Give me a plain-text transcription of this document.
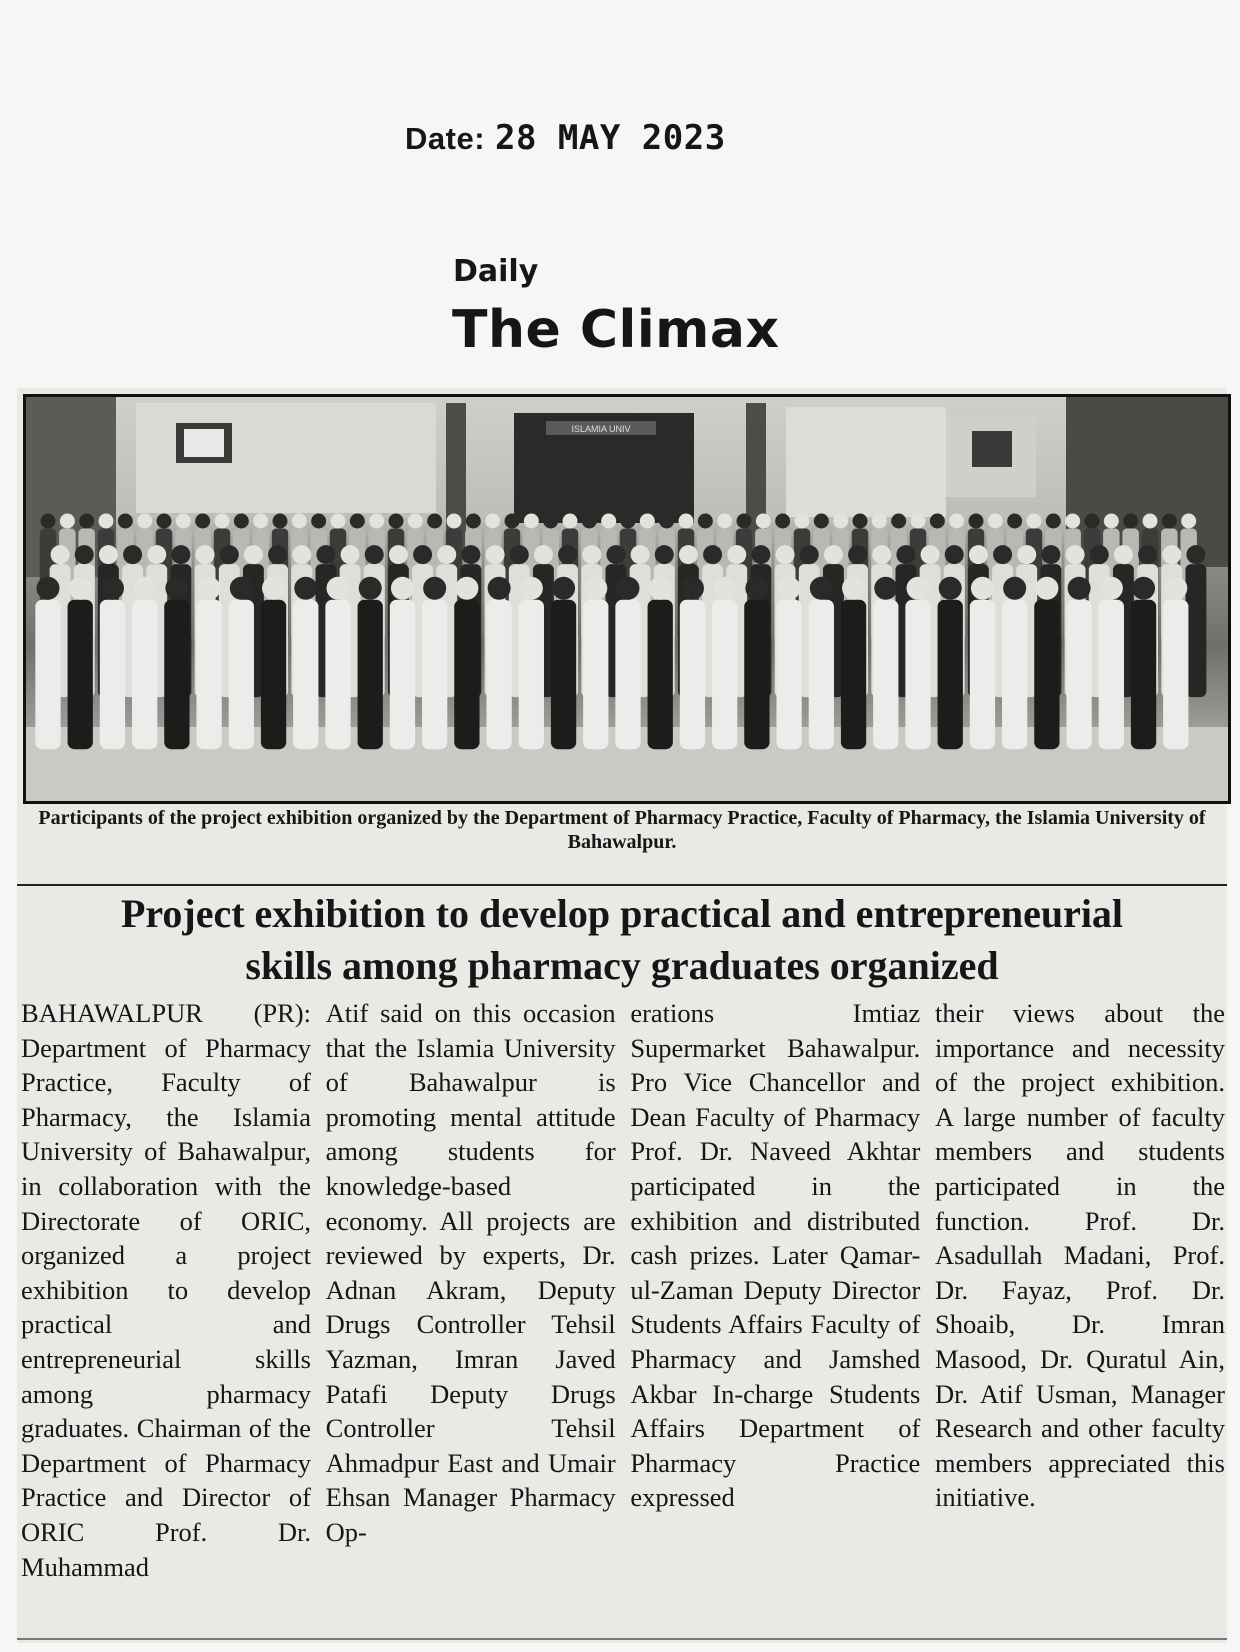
Date: 28 MAY 2023
Daily
The Climax
ISLAMIA UNIV
Participants of the project exhibition organized by the Department of Pharmacy Practice, Faculty of Pharmacy, the Islamia University of Bahawalpur.
Project exhibition to develop practical and entrepreneurial
skills among pharmacy graduates organized

BAHAWALPUR (PR): Department of Pharmacy Practice, Faculty of Pharmacy, the Islamia University of Bahawalpur, in collaboration with the Directorate of ORIC, organized a project exhibition to develop practical and entrepreneurial skills among pharmacy graduates. Chairman of the Department of Pharmacy Practice and Director of ORIC Prof. Dr. Muhammad

Atif said on this occasion that the Islamia University of Bahawalpur is promoting mental attitude among students for knowledge-based economy. All projects are reviewed by experts, Dr. Adnan Akram, Deputy Drugs Controller Tehsil Yazman, Imran Javed Patafi Deputy Drugs Controller Tehsil Ahmadpur East and Umair Ehsan Manager Pharmacy Op-

erations Imtiaz Supermarket Bahawalpur. Pro Vice Chancellor and Dean Faculty of Pharmacy Prof. Dr. Naveed Akhtar participated in the exhibition and distributed cash prizes. Later Qamar-ul-Zaman Deputy Director Students Affairs Faculty of Pharmacy and Jamshed Akbar In-charge Students Affairs Department of Pharmacy Practice expressed

their views about the importance and necessity of the project exhibition. A large number of faculty members and students participated in the function. Prof. Dr. Asadullah Madani, Prof. Dr. Fayaz, Prof. Dr. Shoaib, Dr. Imran Masood, Dr. Quratul Ain, Dr. Atif Usman, Manager Research and other faculty members appreciated this initiative.
